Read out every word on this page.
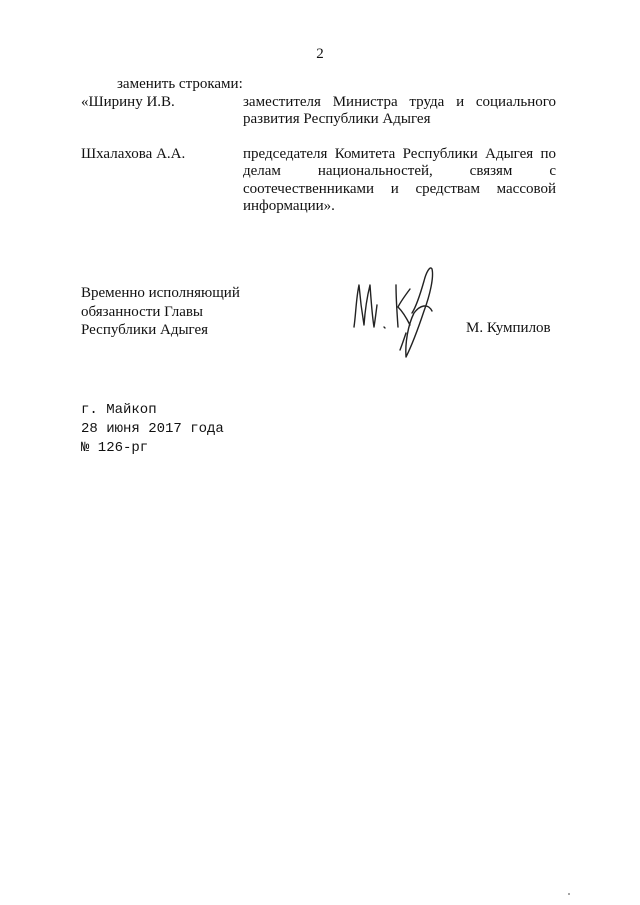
2
заменить строками:
«Ширину И.В.	заместителя Министра труда и социального развития Республики Адыгея
Шхалахова А.А.	председателя Комитета Республики Адыгея по делам национальностей, связям с соотечественниками и средствам массовой информации».
Временно исполняющий
обязанности Главы
Республики Адыгея	М. Кумпилов
г. Майкоп
28 июня 2017 года
№ 126-рг
